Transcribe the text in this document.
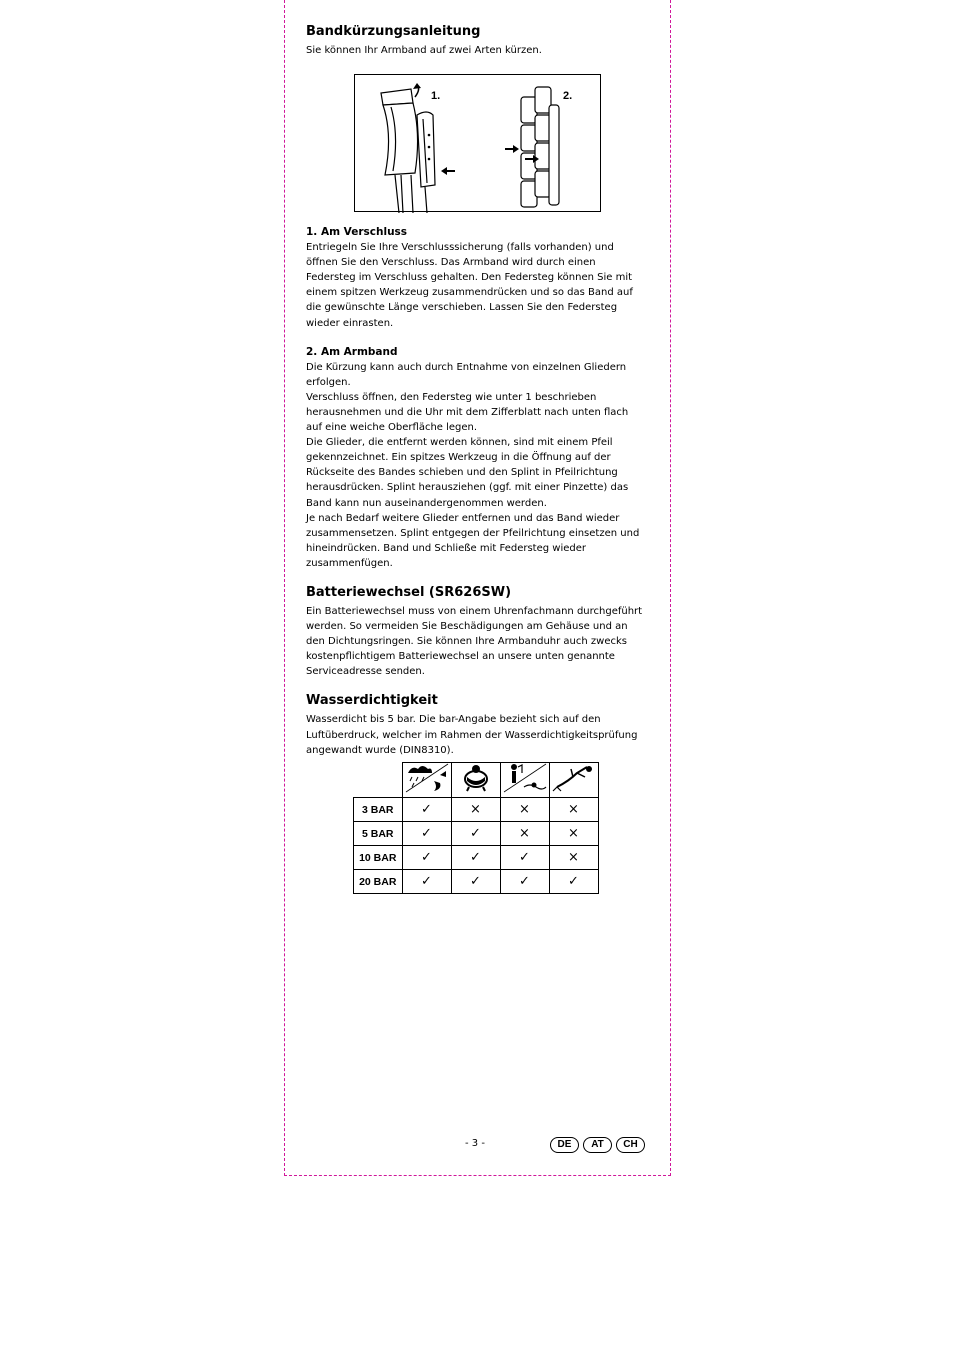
Bandkürzungsanleitung

Sie können Ihr Armband auf zwei Arten kürzen.

1. Am Verschluss

Entriegeln Sie Ihre Verschlusssicherung (falls vorhanden) und öffnen Sie den Verschluss. Das Armband wird durch einen Federsteg im Verschluss gehalten. Den Federsteg können Sie mit einem spitzen Werkzeug zusammendrücken und so das Band auf die gewünschte Länge verschieben. Lassen Sie den Federsteg wieder einrasten.

2. Am Armband

Die Kürzung kann auch durch Entnahme von einzelnen Gliedern erfolgen.

Verschluss öffnen, den Federsteg wie unter 1 beschrieben herausnehmen und die Uhr mit dem Zifferblatt nach unten flach auf eine weiche Oberfläche legen.

Die Glieder, die entfernt werden können, sind mit einem Pfeil gekennzeichnet. Ein spitzes Werkzeug in die Öffnung auf der Rückseite des Bandes schieben und den Splint in Pfeilrichtung herausdrücken. Splint herausziehen (ggf. mit einer Pinzette) das Band kann nun auseinandergenommen werden.

Je nach Bedarf weitere Glieder entfernen und das Band wieder zusammensetzen. Splint entgegen der Pfeilrichtung einsetzen und hineindrücken. Band und Schließe mit Federsteg wieder zusammenfügen.

Batteriewechsel (SR626SW)

Ein Batteriewechsel muss von einem Uhrenfachmann durchgeführt werden. So vermeiden Sie Beschädigungen am Gehäuse und an den Dichtungsringen. Sie können Ihre Armbanduhr auch zwecks kostenpflichtigem Batteriewechsel an unsere unten genannte Serviceadresse senden.

Wasserdichtigkeit

Wasserdicht bis 5 bar. Die bar-Angabe bezieht sich auf den Luftüberdruck, welcher im Rahmen der Wasserdichtigkeitsprüfung angewandt wurde (DIN8310).

1.	2.

3 BAR	✓	×	×	×
5 BAR	✓	✓	×	×
10 BAR	✓	✓	✓	×
20 BAR	✓	✓	✓	✓
- 3 -	DE	AT	CH
